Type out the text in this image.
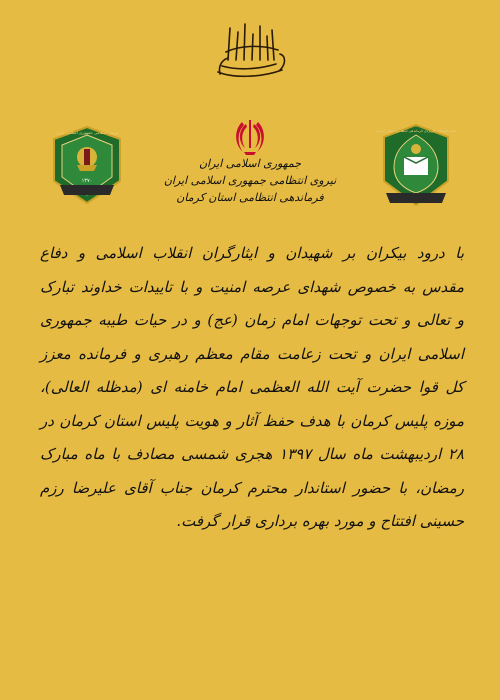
جمهوری اسلامی ایران
نیروی انتظامی جمهوری اسلامی ایران
فرماندهی انتظامی استان کرمان
نیروی انتظامی جمهوری اسلامی ایران
۱۳۷۰
دفتر تحقیقات کاربردی فرماندهی انتظامی استان کرمان
با درود بیکران بر شهیدان و ایثارگران انقلاب اسلامی و دفاع
مقدس به خصوص شهدای عرصه امنیت و با تاییدات خداوند تبارک
و تعالی و تحت توجهات امام زمان (عج) و در حیات طیبه جمهوری
اسلامی ایران و تحت زعامت مقام معظم رهبری و فرمانده معزز
کل قوا حضرت آیت الله العظمی امام خامنه ای (مدظله العالی)،
موزه پلیس کرمان با هدف حفظ آثار و هویت پلیس استان کرمان در
۲۸ اردیبهشت ماه سال ۱۳۹۷ هجری شمسی مصادف با ماه مبارک
رمضان، با حضور استاندار محترم کرمان جناب آقای علیرضا رزم
حسینی افتتاح و مورد بهره برداری قرار گرفت.
